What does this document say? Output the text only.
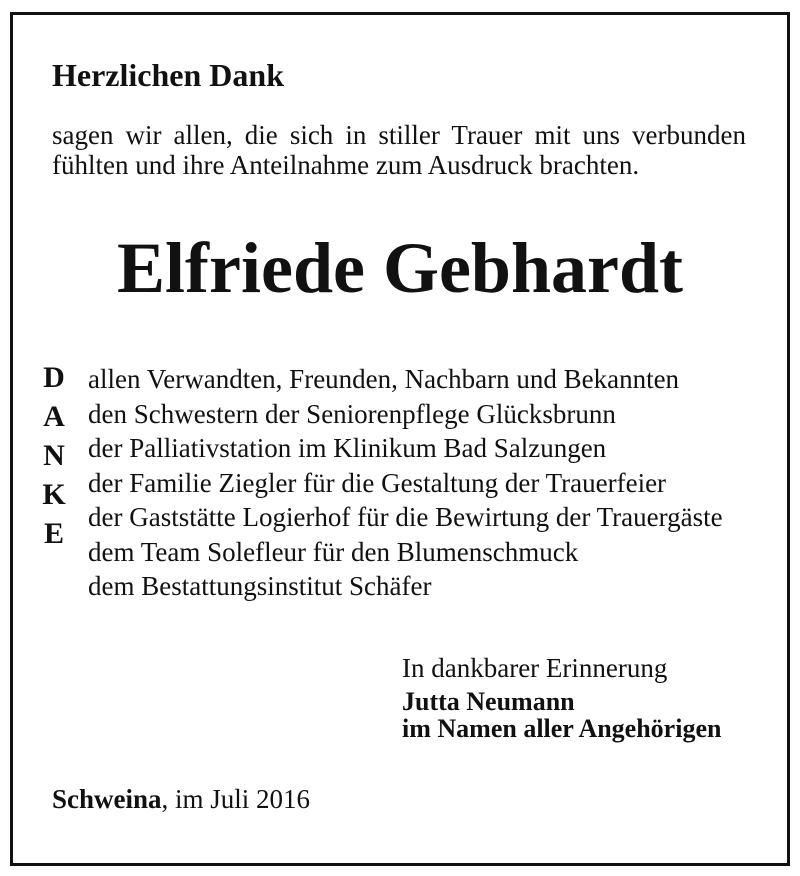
Herzlichen Dank
sagen wir allen, die sich in stiller Trauer mit uns verbunden
fühlten und ihre Anteilnahme zum Ausdruck brachten.
Elfriede Gebhardt
D
A
N
K
E
allen Verwandten, Freunden, Nachbarn und Bekannten
den Schwestern der Seniorenpflege Glücksbrunn
der Palliativstation im Klinikum Bad Salzungen
der Familie Ziegler für die Gestaltung der Trauerfeier
der Gaststätte Logierhof für die Bewirtung der Trauergäste
dem Team Solefleur für den Blumenschmuck
dem Bestattungsinstitut Schäfer
In dankbarer Erinnerung
Jutta Neumann
im Namen aller Angehörigen
Schweina, im Juli 2016
